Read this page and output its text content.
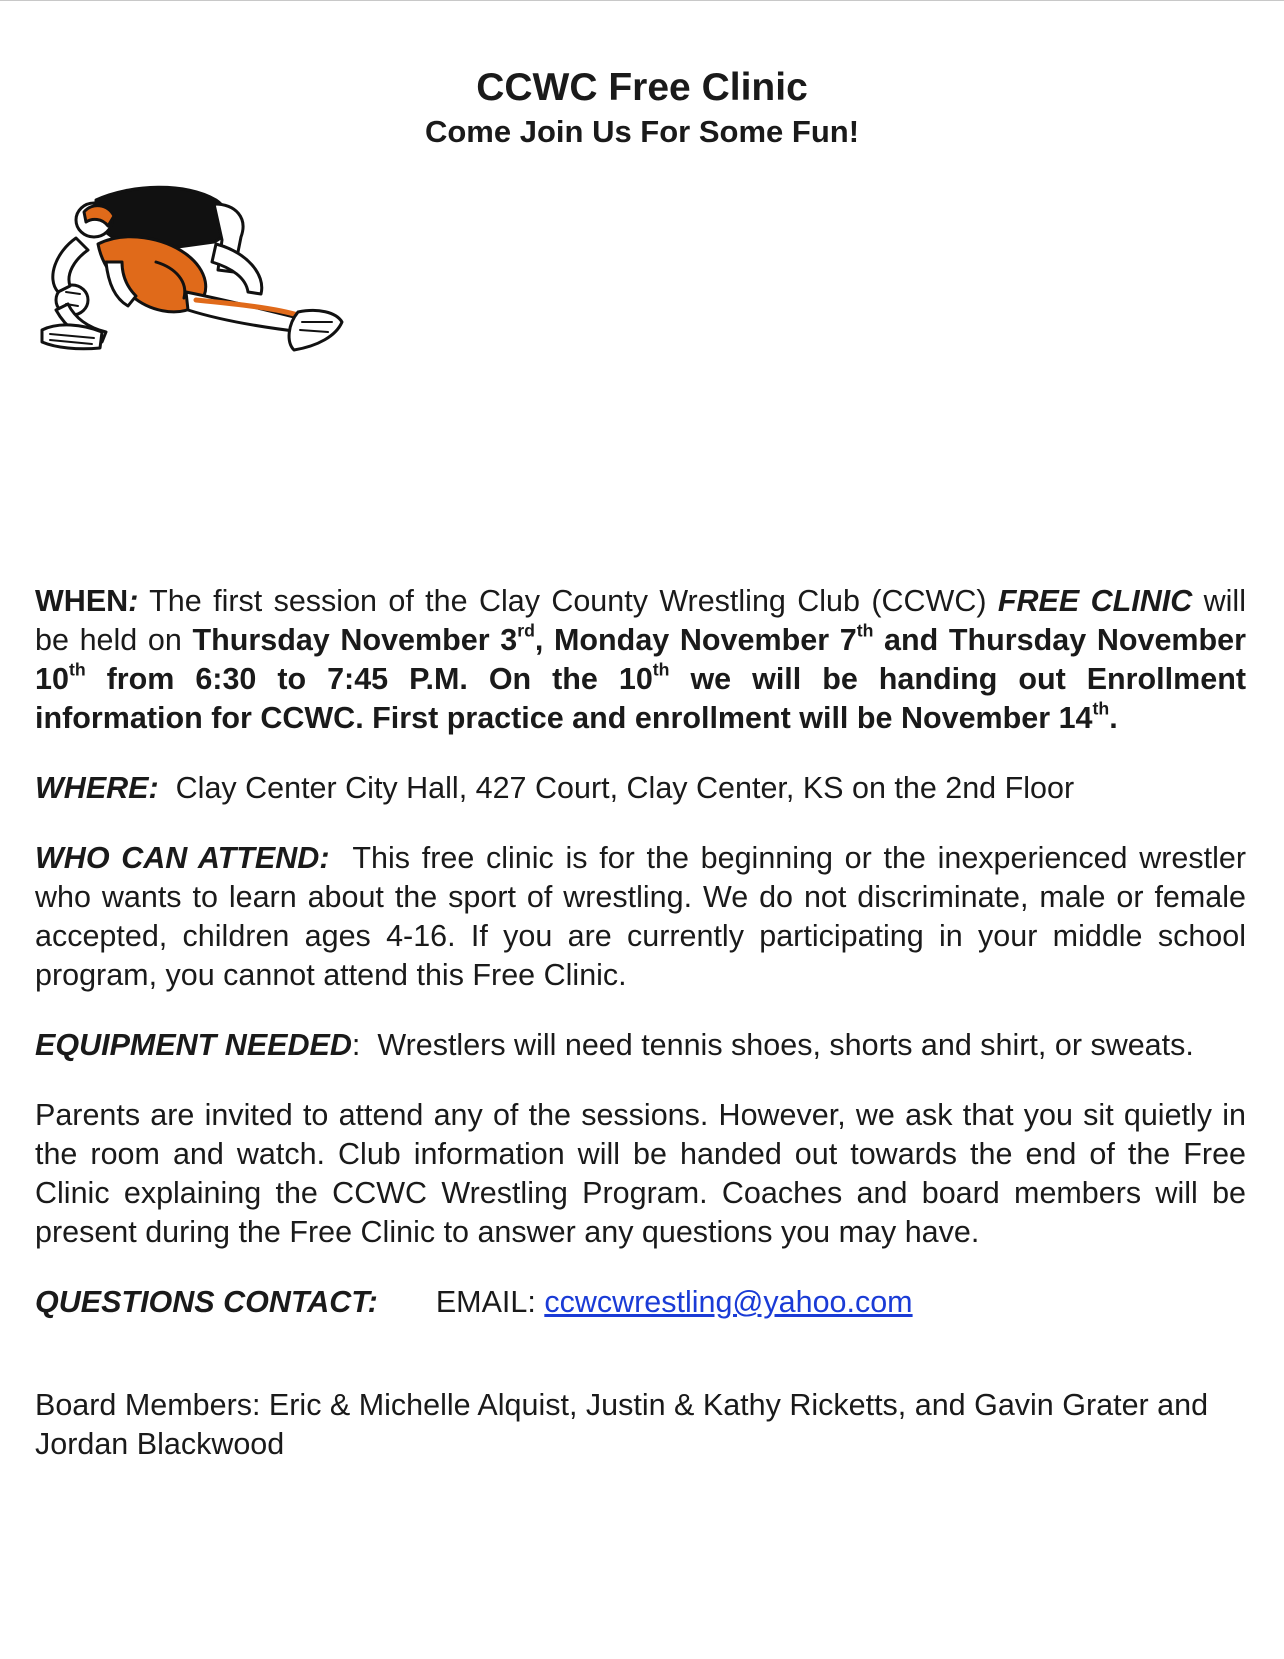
CCWC Free Clinic
Come Join Us For Some Fun!

WHEN: The first session of the Clay County Wrestling Club (CCWC) FREE CLINIC will be held on Thursday November 3rd, Monday November 7th and Thursday November 10th from 6:30 to 7:45 P.M. On the 10th we will be handing out Enrollment information for CCWC. First practice and enrollment will be November 14th.

WHERE: Clay Center City Hall, 427 Court, Clay Center, KS on the 2nd Floor

WHO CAN ATTEND: This free clinic is for the beginning or the inexperienced wrestler who wants to learn about the sport of wrestling. We do not discriminate, male or female accepted, children ages 4-16. If you are currently participating in your middle school program, you cannot attend this Free Clinic.

EQUIPMENT NEEDED: Wrestlers will need tennis shoes, shorts and shirt, or sweats.

Parents are invited to attend any of the sessions. However, we ask that you sit quietly in the room and watch. Club information will be handed out towards the end of the Free Clinic explaining the CCWC Wrestling Program. Coaches and board members will be present during the Free Clinic to answer any questions you may have.

QUESTIONS CONTACT: EMAIL: ccwcwrestling@yahoo.com

Board Members: Eric & Michelle Alquist, Justin & Kathy Ricketts, and Gavin Grater and Jordan Blackwood
